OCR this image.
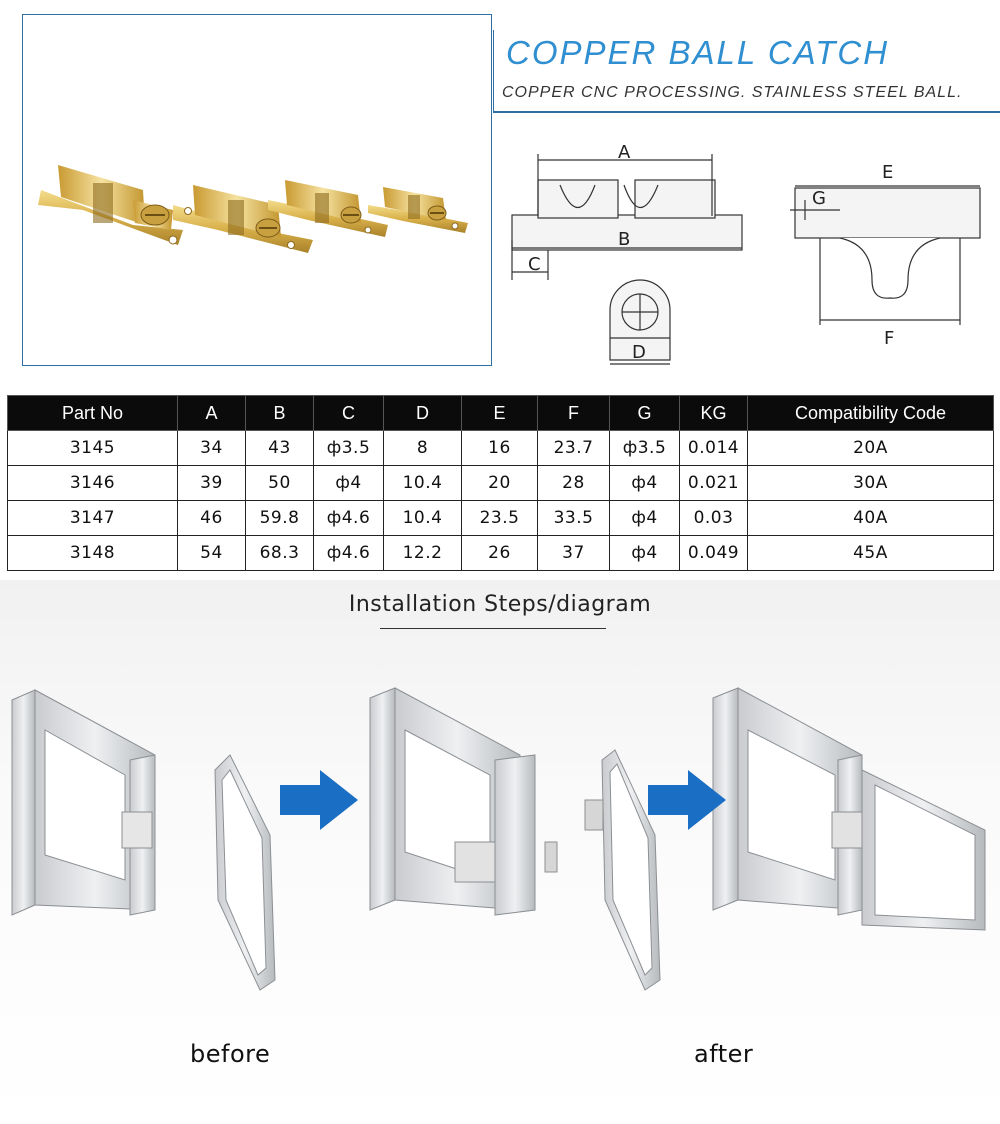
COPPER BALL CATCH
COPPER CNC PROCESSING. STAINLESS STEEL BALL.
A
B
C
D
E
G
F
Part No	A	B	C	D	E	F	G	KG	Compatibility Code
3145	34	43	ф3.5	8	16	23.7	ф3.5	0.014	20A
3146	39	50	ф4	10.4	20	28	ф4	0.021	30A
3147	46	59.8	ф4.6	10.4	23.5	33.5	ф4	0.03	40A
3148	54	68.3	ф4.6	12.2	26	37	ф4	0.049	45A
Installation Steps/diagram
before	after
